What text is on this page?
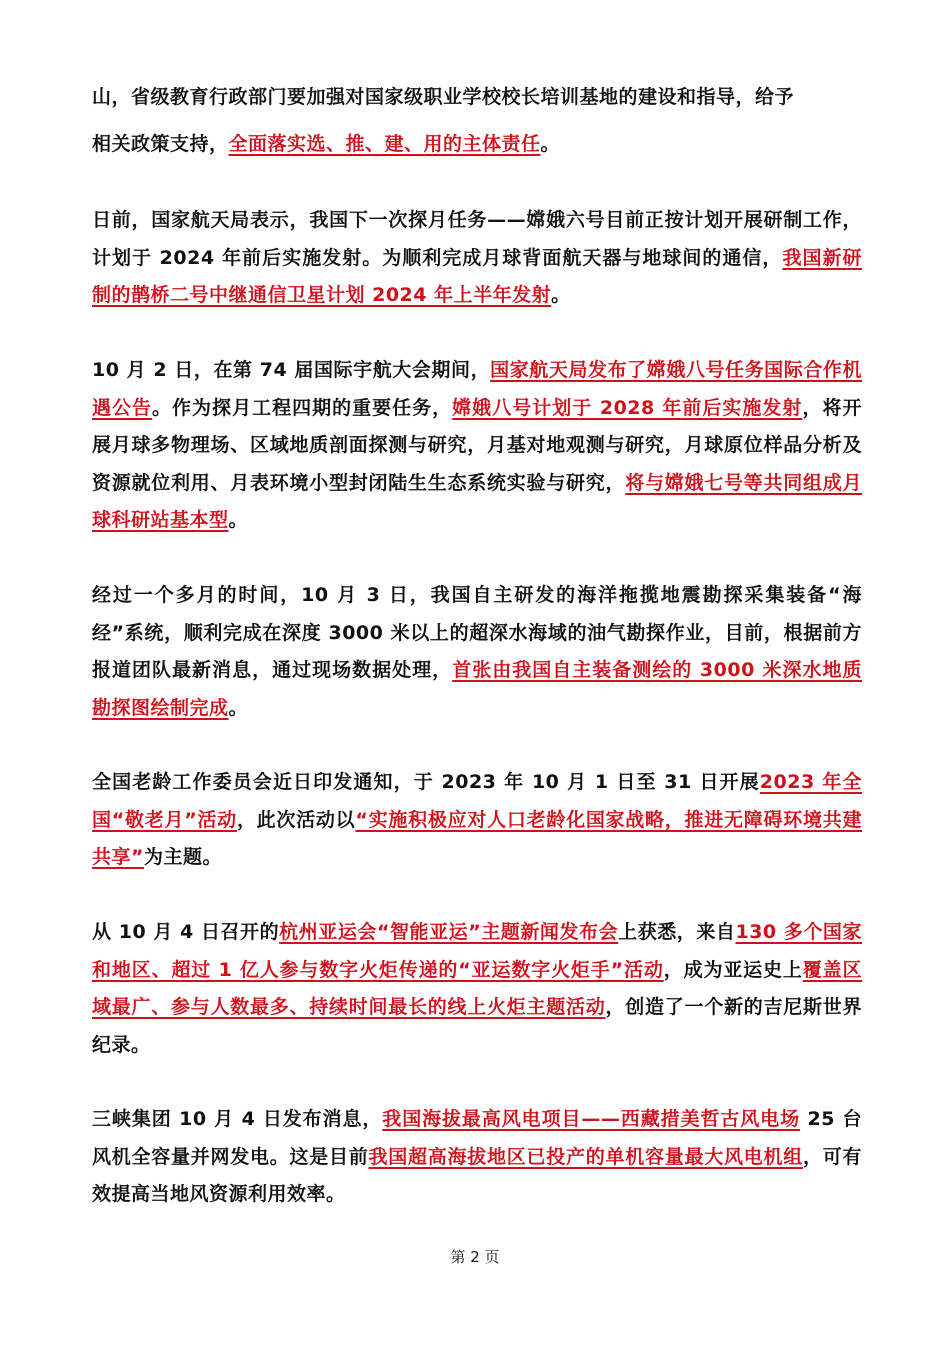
山，省级教育行政部门要加强对国家级职业学校校长培训基地的建设和指导，给予
相关政策支持，全面落实选、推、建、用的主体责任。
日前，国家航天局表示，我国下一次探月任务——嫦娥六号目前正按计划开展研制工作，计划于 2024 年前后实施发射。为顺利完成月球背面航天器与地球间的通信，我国新研制的鹊桥二号中继通信卫星计划 2024 年上半年发射。
10 月 2 日，在第 74 届国际宇航大会期间，国家航天局发布了嫦娥八号任务国际合作机遇公告。作为探月工程四期的重要任务，嫦娥八号计划于 2028 年前后实施发射，将开展月球多物理场、区域地质剖面探测与研究，月基对地观测与研究，月球原位样品分析及资源就位利用、月表环境小型封闭陆生生态系统实验与研究，将与嫦娥七号等共同组成月球科研站基本型。
经过一个多月的时间，10 月 3 日，我国自主研发的海洋拖揽地震勘探采集装备“海经”系统，顺利完成在深度 3000 米以上的超深水海域的油气勘探作业，目前，根据前方报道团队最新消息，通过现场数据处理，首张由我国自主装备测绘的 3000 米深水地质勘探图绘制完成。
全国老龄工作委员会近日印发通知，于 2023 年 10 月 1 日至 31 日开展2023 年全国“敬老月”活动，此次活动以“实施积极应对人口老龄化国家战略，推进无障碍环境共建共享”为主题。
从 10 月 4 日召开的杭州亚运会“智能亚运”主题新闻发布会上获悉，来自130 多个国家和地区、超过 1 亿人参与数字火炬传递的“亚运数字火炬手”活动，成为亚运史上覆盖区域最广、参与人数最多、持续时间最长的线上火炬主题活动，创造了一个新的吉尼斯世界纪录。
三峡集团 10 月 4 日发布消息，我国海拔最高风电项目——西藏措美哲古风电场 25 台风机全容量并网发电。这是目前我国超高海拔地区已投产的单机容量最大风电机组，可有效提高当地风资源利用效率。
第 2 页
